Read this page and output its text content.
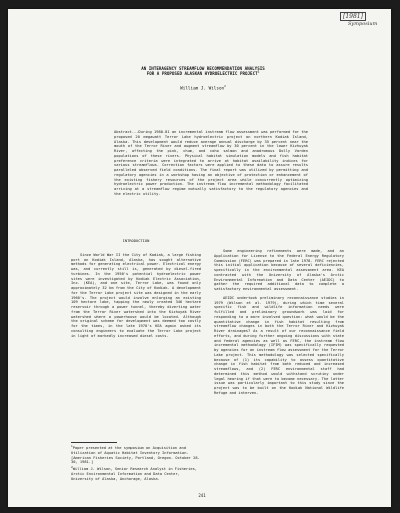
[1981]
Symposium
AN INTERAGENCY STREAMFLOW RECOMMENDATION ANALYSIS
FOR A PROPOSED ALASKAN HYDROELECTRIC PROJECT$^1$
William J. Wilson$^2$
Abstract.--During 1980-81 an incremental instream flow assessment was performed for the proposed 20 megawatt Terror Lake hydroelectric project on northern Kodiak Island, Alaska. This development would reduce average annual discharge by 35 percent near the mouth of the Terror River and augment streamflow by 30 percent in the lower Kizhuyak River, affecting the pink, chum, and coho salmon and anadromous Dolly Varden populations of these rivers. Physical habitat simulation models and fish habitat preference criteria were integrated to arrive at habitat availability indices for various streamflows. Correction factors were applied to these data to assure results paralleled observed field conditions. The final report was utilized by permitting and regulatory agencies in a workshop having an objective of protection or enhancement of the existing fishery resources of the project area while concurrently optimizing hydroelectric power production. The instream flow incremental methodology facilitated arriving at a streamflow regime mutually satisfactory to the regulatory agencies and the electric utility.
INTRODUCTION

Since World War II the City of Kodiak, a large fishing port on Kodiak Island, Alaska, has sought alternative methods for generating electrical power. Electrical energy was, and currently still is, generated by diesel-fired turbines. In the 1950's potential hydroelectric power sites were investigated by Kodiak Electric Association, Inc. (KEA), and one site, Terror Lake, was found only approximately 32 km from the City of Kodiak. A development for the Terror Lake project site was designed in the early 1960's. The project would involve enlarging an existing 109 hectare lake, tapping the newly created 346 hectare reservoir through a power tunnel, thereby diverting water from the Terror River watershed into the Kizhuyak River watershed where a powerhouse would be located. Although the original scheme for development was deemed too costly for the times, in the late 1970's KEA again asked its consulting engineers to evaluate the Terror Lake project in light of markedly increased diesel costs.

Some engineering refinements were made, and an Application for License to the Federal Energy Regulatory Commission (FERC) was prepared in late 1978. FERC rejected this initial application because of several deficiencies, specifically in the environmental assessment area. KEA contracted with the University of Alaska's Arctic Environmental Information and Data Center (AEIDC) to gather the required additional data to complete a satisfactory environmental assessment.

AEIDC undertook preliminary reconnaissance studies in 1979 (Wilson et al. 1979), during which time several specific fish and wildlife information needs were fulfilled and preliminary groundwork was laid for responding to a more involved question: what would be the quantitative change in fish habitat resulting from streamflow changes in both the Terror River and Kizhuyak River drainages? As a result of our reconnaissance field efforts, and during further ongoing discussions with state and federal agencies as well as FERC, the instream flow incremental methodology (IFIM) was specifically requested by agencies for an instream flow assessment for the Terror Lake project. This methodology was selected specifically because of (1) its capability to assess quantitative change in fish habitat from both reduced and increased streamflows, and (2) FERC environmental staff had determined this method would withstand scrutiny under legal hearing if that were to become necessary. The latter issue was particularly important to this study since the project was to be built on the Kodiak National Wildlife Refuge and interven-

$^1$Paper presented at the symposium on Acquisition and Utilization of Aquatic Habitat Inventory Information. [American Fisheries Society, Portland, Oregon. October 28-30, 1981.]
$^2$William J. Wilson, Senior Research Analyst in Fisheries, Arctic Environmental Information and Data Center, University of Alaska, Anchorage, Alaska.
241
